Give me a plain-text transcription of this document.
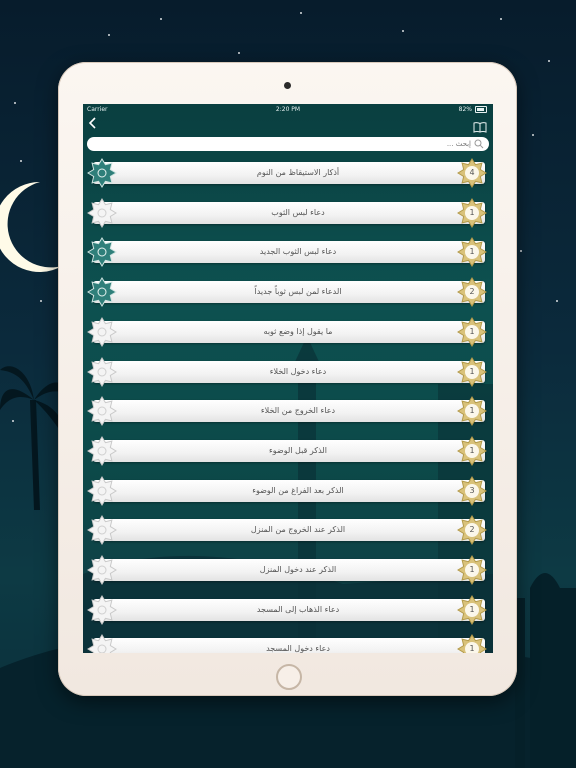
Carrier	2:20 PM	82%
إبحث ...
أذكار الاستيقاظ من النوم	4
دعاء لبس الثوب	1
دعاء لبس الثوب الجديد	1
الدعاء لمن لبس ثوباً جديداً	2
ما يقول إذا وضع ثوبه	1
دعاء دخول الخلاء	1
دعاء الخروج من الخلاء	1
الذكر قبل الوضوء	1
الذكر بعد الفراغ من الوضوء	3
الذكر عند الخروج من المنزل	2
الذكر عند دخول المنزل	1
دعاء الذهاب إلى المسجد	1
دعاء دخول المسجد	1
